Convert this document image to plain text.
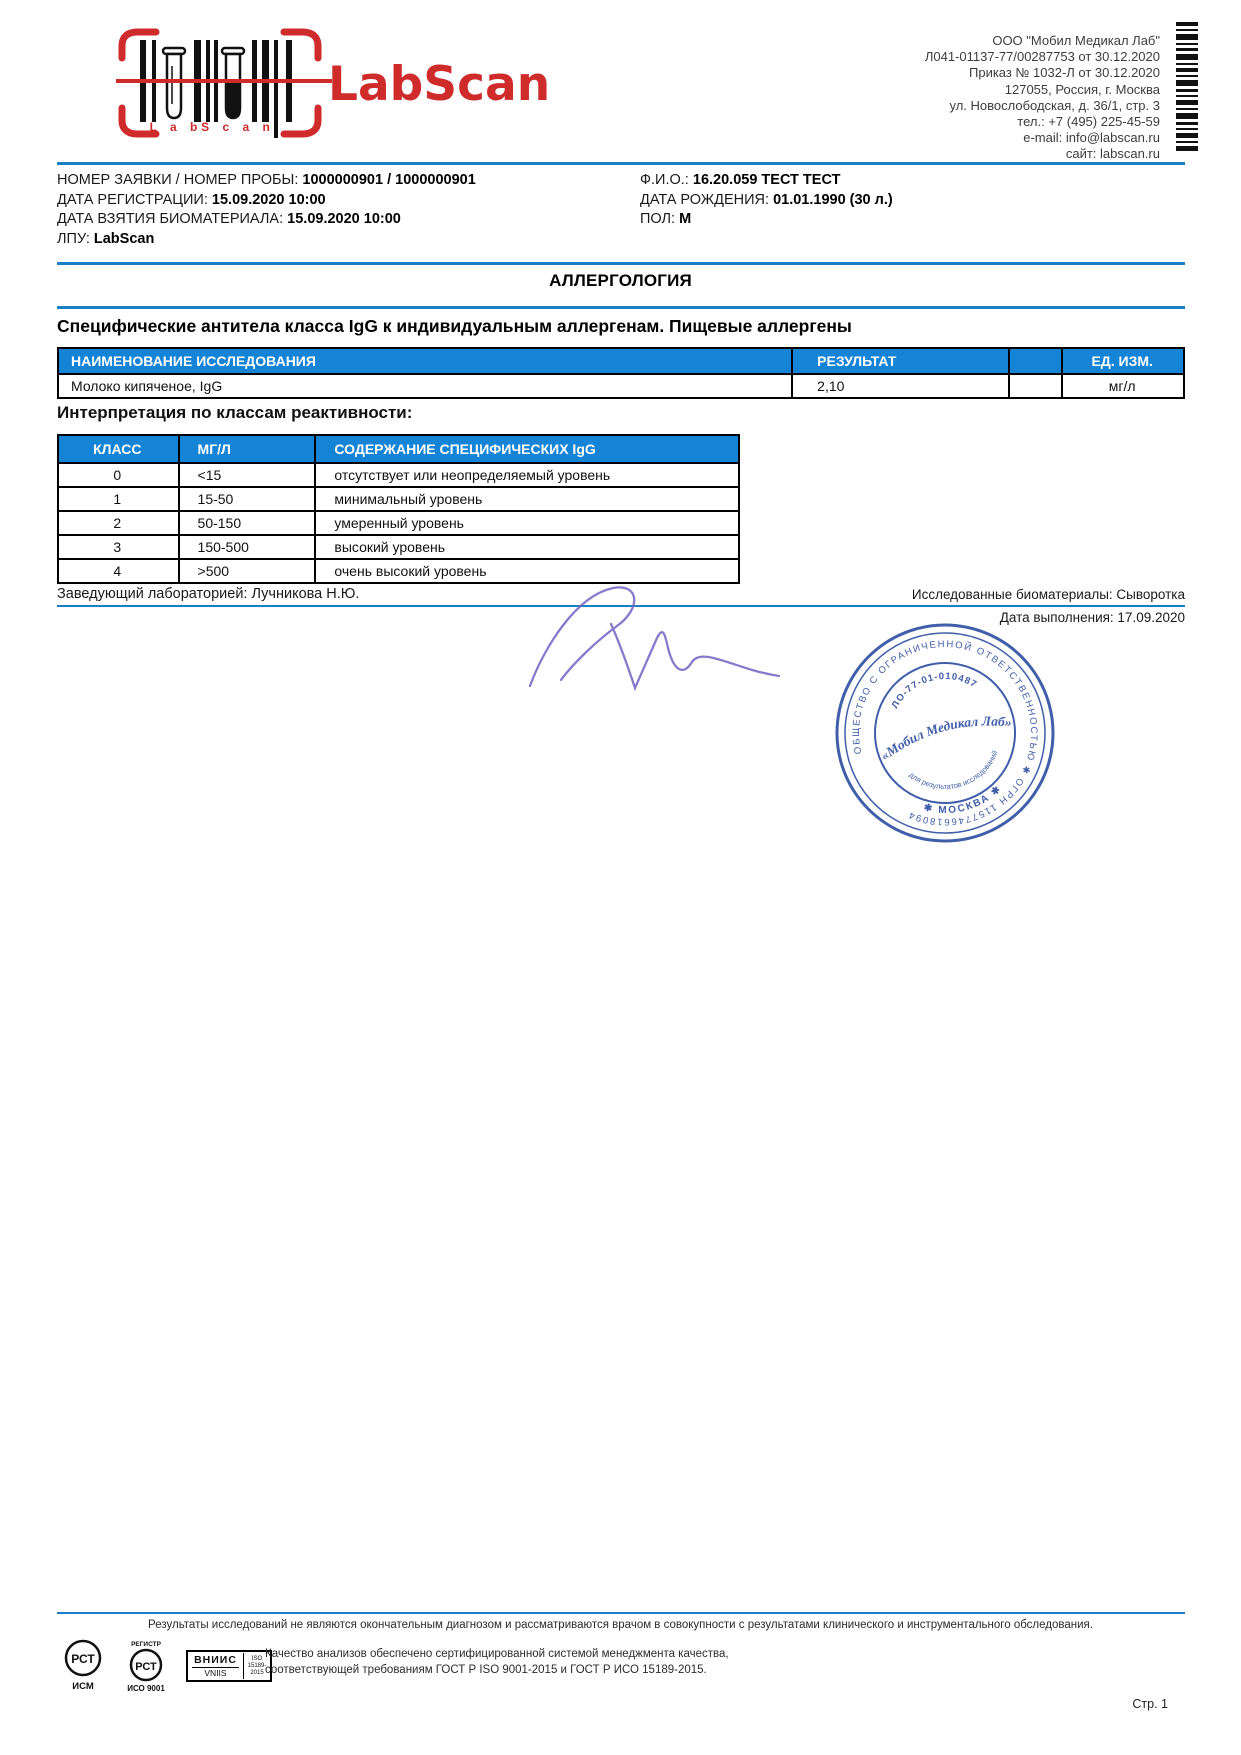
L a b
S c a n
LabScan
ООО "Мобил Медикал Лаб"
Л041-01137-77/00287753 от 30.12.2020
Приказ № 1032-Л от 30.12.2020
127055, Россия, г. Москва
ул. Новослободская, д. 36/1, стр. 3
тел.: +7 (495) 225-45-59
e-mail: info@labscan.ru
сайт: labscan.ru
НОМЕР ЗАЯВКИ / НОМЕР ПРОБЫ: 1000000901 / 1000000901
ДАТА РЕГИСТРАЦИИ: 15.09.2020 10:00
ДАТА ВЗЯТИЯ БИОМАТЕРИАЛА: 15.09.2020 10:00
ЛПУ: LabScan
Ф.И.О.: 16.20.059 ТЕСТ ТЕСТ
ДАТА РОЖДЕНИЯ: 01.01.1990 (30 л.)
ПОЛ: М
АЛЛЕРГОЛОГИЯ
Специфические антитела класса IgG к индивидуальным аллергенам. Пищевые аллергены
НАИМЕНОВАНИЕ ИССЛЕДОВАНИЯ	РЕЗУЛЬТАТ		ЕД. ИЗМ.
Молоко кипяченое, IgG	2,10		мг/л
Интерпретация по классам реактивности:
КЛАСС	МГ/Л	СОДЕРЖАНИЕ СПЕЦИФИЧЕСКИХ IgG
0	<15	отсутствует или неопределяемый уровень
1	15-50	минимальный уровень
2	50-150	умеренный уровень
3	150-500	высокий уровень
4	>500	очень высокий уровень
Исследованные биоматериалы: Сыворотка
Дата выполнения: 17.09.2020
Заведующий лабораторией: Лучникова Н.Ю.
ОБЩЕСТВО С ОГРАНИЧЕННОЙ ОТВЕТСТВЕННОСТЬЮ ✱ ОГРН 1157746618094 ✱ МОСКВА ✱
ЛО-77-01-010487
для результатов исследований
«Мобил Медикал Лаб»
Результаты исследований не являются окончательным диагнозом и рассматриваются врачом в совокупности с результатами клинического и инструментального обследования.
РСТ
ИСМ
РЕГИСТР
РСТ
ИСО 9001
ВНИИС
VNIIS
ISO
15189-2015
Качество анализов обеспечено сертифицированной системой менеджмента качества,
соответствующей требованиям ГОСТ Р ISO 9001-2015 и ГОСТ Р ИСО 15189-2015.
Стр. 1
